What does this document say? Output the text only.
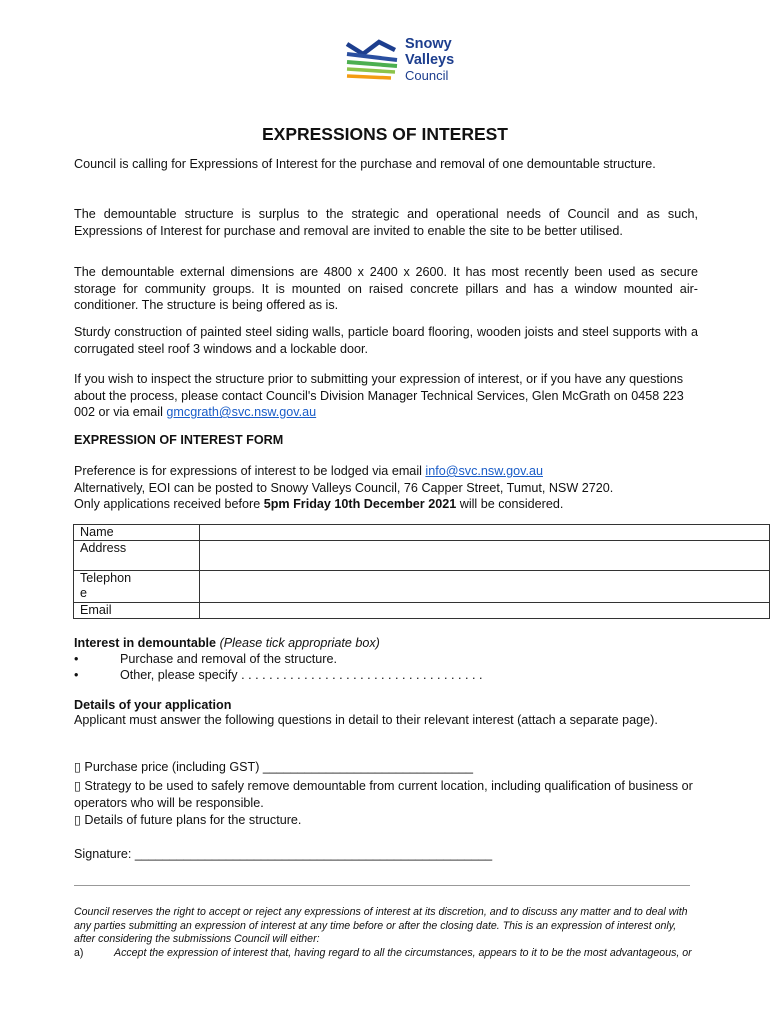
Snowy
Valleys
Council
EXPRESSIONS OF INTEREST
Council is calling for Expressions of Interest for the purchase and removal of one demountable structure.
The demountable structure is surplus to the strategic and operational needs of Council and as such, Expressions of Interest for purchase and removal are invited to enable the site to be better utilised.
The demountable external dimensions are 4800 x 2400 x 2600. It has most recently been used as secure storage for community groups. It is mounted on raised concrete pillars and has a window mounted air-conditioner. The structure is being offered as is.
Sturdy construction of painted steel siding walls, particle board flooring, wooden joists and steel supports with a corrugated steel roof 3 windows and a lockable door.
If you wish to inspect the structure prior to submitting your expression of interest, or if you have any questions about the process, please contact Council's Division Manager Technical Services, Glen McGrath on 0458 223 002 or via email gmcgrath@svc.nsw.gov.au
EXPRESSION OF INTEREST FORM
Preference is for expressions of interest to be lodged via email info@svc.nsw.gov.au
Alternatively, EOI can be posted to Snowy Valleys Council, 76 Capper Street, Tumut, NSW 2720.
Only applications received before 5pm Friday 10th December 2021 will be considered.
Name	
Address	
Telephon
e	
Email	
Interest in demountable (Please tick appropriate box)
•	Purchase and removal of the structure.
•	Other, please specify . . . . . . . . . . . . . . . . . . . . . . . . . . . . . . . . . . .
Details of your application
Applicant must answer the following questions in detail to their relevant interest (attach a separate page).
▯ Purchase price (including GST) ______________________________
▯ Strategy to be used to safely remove demountable from current location, including qualification of business or operators who will be responsible.
▯ Details of future plans for the structure.
Signature: ___________________________________________________
Council reserves the right to accept or reject any expressions of interest at its discretion, and to discuss any matter and to deal with any parties submitting an expression of interest at any time before or after the closing date. This is an expression of interest only, after considering the submissions Council will either:
a)	Accept the expression of interest that, having regard to all the circumstances, appears to it to be the most advantageous, or
